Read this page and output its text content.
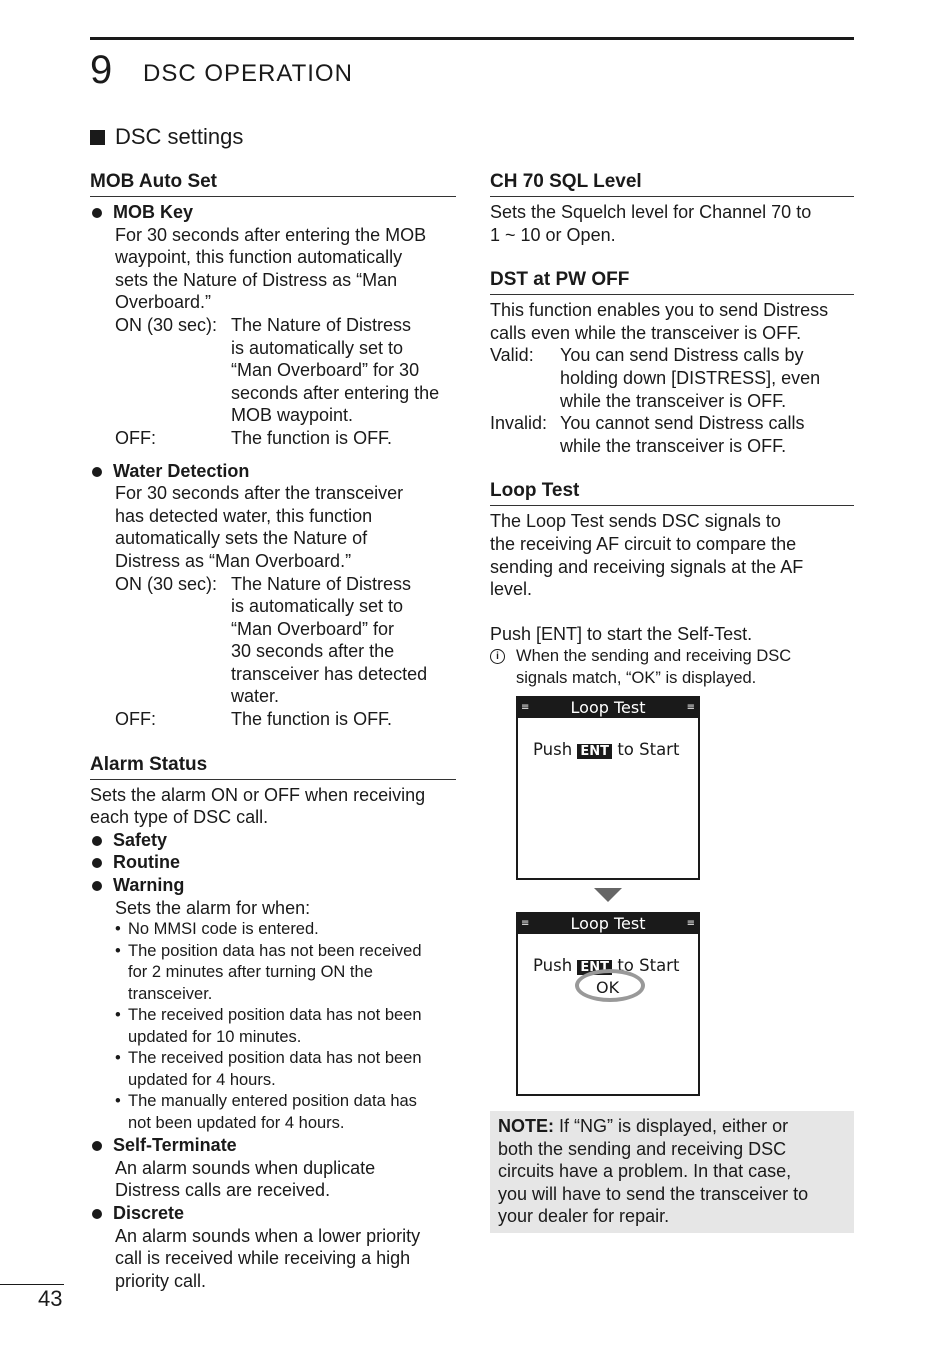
9 DSC OPERATION
DSC settings
MOB Auto Set
MOB Key
For 30 seconds after entering the MOB
waypoint, this function automatically
sets the Nature of Distress as “Man
Overboard.”
ON (30 sec): The Nature of Distress
is automatically set to
“Man Overboard” for 30
seconds after entering the
MOB waypoint.
OFF:	The function is OFF.
Water Detection
For 30 seconds after the transceiver
has detected water, this function
automatically sets the Nature of
Distress as “Man Overboard.”
ON (30 sec): The Nature of Distress
is automatically set to
“Man Overboard” for
30 seconds after the
transceiver has detected
water.
OFF:	The function is OFF.
Alarm Status
Sets the alarm ON or OFF when receiving
each type of DSC call.
Safety
Routine
Warning
Sets the alarm for when:
• No MMSI code is entered.
• The position data has not been received
for 2 minutes after turning ON the
transceiver.
• The received position data has not been
updated for 10 minutes.
• The received position data has not been
updated for 4 hours.
• The manually entered position data has
not been updated for 4 hours.
Self-Terminate
An alarm sounds when duplicate
Distress calls are received.
Discrete
An alarm sounds when a lower priority
call is received while receiving a high
priority call.
CH 70 SQL Level
Sets the Squelch level for Channel 70 to
1 ~ 10 or Open.
DST at PW OFF
This function enables you to send Distress
calls even while the transceiver is OFF.
Valid:	You can send Distress calls by
holding down [DISTRESS], even
while the transceiver is OFF.
Invalid: You cannot send Distress calls
while the transceiver is OFF.
Loop Test
The Loop Test sends DSC signals to
the receiving AF circuit to compare the
sending and receiving signals at the AF
level.
Push [ENT] to start the Self-Test.
i	When the sending and receiving DSC
signals match, “OK” is displayed.
≡	Loop Test	≡
Push ENT to Start
≡	Loop Test	≡
Push ENT to Start
OK
NOTE: If “NG” is displayed, either or
both the sending and receiving DSC
circuits have a problem. In that case,
you will have to send the transceiver to
your dealer for repair.
43
